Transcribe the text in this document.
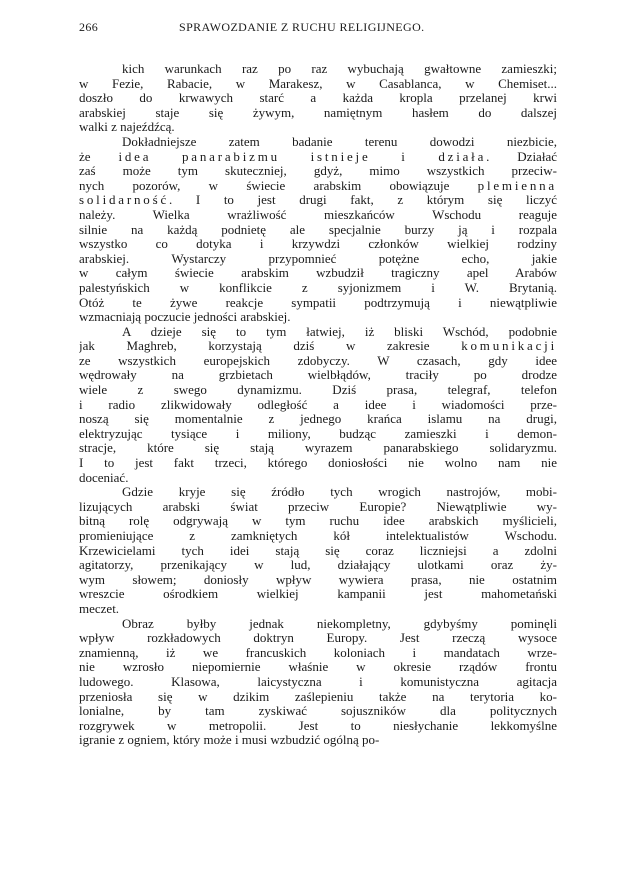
266	SPRAWOZDANIE Z RUCHU RELIGIJNEGO.
kich warunkach raz po raz wybuchają gwałtowne zamieszki;
w Fezie, Rabacie, w Marakesz, w Casablanca, w Chemiset...
doszło do krwawych starć a każda kropla przelanej krwi
arabskiej staje się żywym, namiętnym hasłem do dalszej
walki z najeźdźcą.
Dokładniejsze zatem badanie terenu dowodzi niezbicie,
że idea panarabizmu istnieje i działa. Działać
zaś może tym skuteczniej, gdyż, mimo wszystkich przeciw-
nych pozorów, w świecie arabskim obowiązuje plemienna
solidarność. I to jest drugi fakt, z którym się liczyć
należy. Wielka wrażliwość mieszkańców Wschodu reaguje
silnie na każdą podnietę ale specjalnie burzy ją i rozpala
wszystko co dotyka i krzywdzi członków wielkiej rodziny
arabskiej. Wystarczy przypomnieć potężne echo, jakie
w całym świecie arabskim wzbudził tragiczny apel Arabów
palestyńskich w konflikcie z syjonizmem i W. Brytanią.
Otóż te żywe reakcje sympatii podtrzymują i niewątpliwie
wzmacniają poczucie jedności arabskiej.
A dzieje się to tym łatwiej, iż bliski Wschód, podobnie
jak Maghreb, korzystają dziś w zakresie komunikacji
ze wszystkich europejskich zdobyczy. W czasach, gdy idee
wędrowały na grzbietach wielbłądów, traciły po drodze
wiele z swego dynamizmu. Dziś prasa, telegraf, telefon
i radio zlikwidowały odległość a idee i wiadomości prze-
noszą się momentalnie z jednego krańca islamu na drugi,
elektryzując tysiące i miliony, budząc zamieszki i demon-
stracje, które się stają wyrazem panarabskiego solidaryzmu.
I to jest fakt trzeci, którego doniosłości nie wolno nam nie
doceniać.
Gdzie kryje się źródło tych wrogich nastrojów, mobi-
lizujących arabski świat przeciw Europie? Niewątpliwie wy-
bitną rolę odgrywają w tym ruchu idee arabskich myślicieli,
promieniujące z zamkniętych kół intelektualistów Wschodu.
Krzewicielami tych idei stają się coraz liczniejsi a zdolni
agitatorzy, przenikający w lud, działający ulotkami oraz ży-
wym słowem; doniosły wpływ wywiera prasa, nie ostatnim
wreszcie ośrodkiem wielkiej kampanii jest mahometański
meczet.
Obraz byłby jednak niekompletny, gdybyśmy pominęli
wpływ rozkładowych doktryn Europy. Jest rzeczą wysoce
znamienną, iż we francuskich koloniach i mandatach wrze-
nie wzrosło niepomiernie właśnie w okresie rządów frontu
ludowego. Klasowa, laicystyczna i komunistyczna agitacja
przeniosła się w dzikim zaślepieniu także na terytoria ko-
lonialne, by tam zyskiwać sojuszników dla politycznych
rozgrywek w metropolii. Jest to niesłychanie lekkomyślne
igranie z ogniem, który może i musi wzbudzić ogólną po-
